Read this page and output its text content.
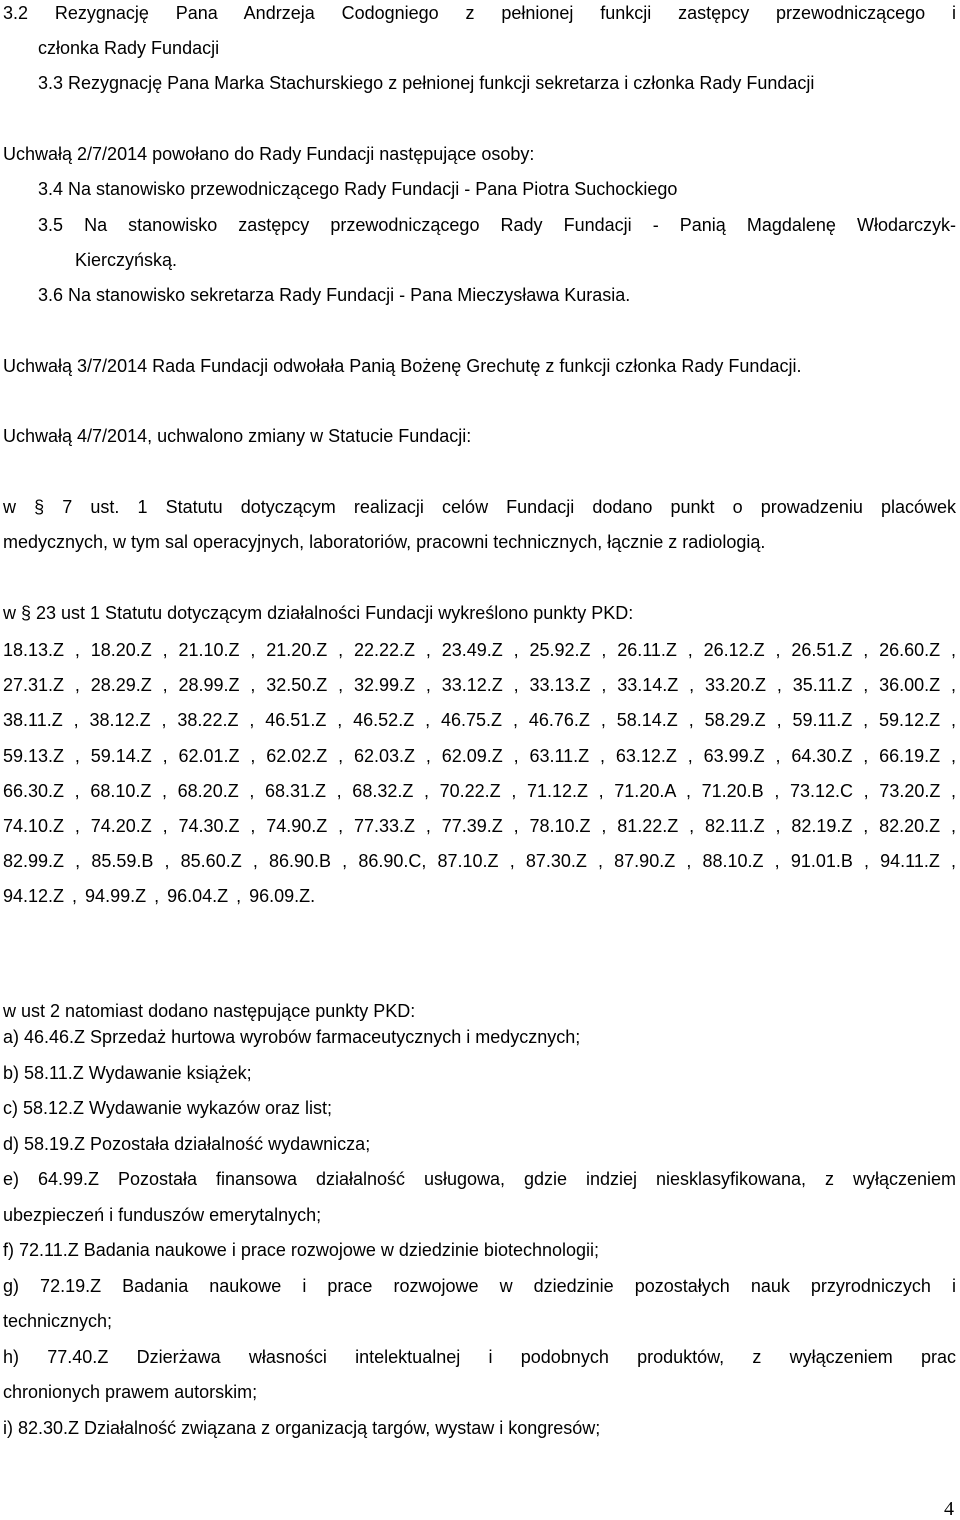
3.2 Rezygnację Pana Andrzeja Codogniego z pełnionej funkcji zastępcy przewodniczącego i
członka Rady Fundacji
3.3 Rezygnację Pana Marka Stachurskiego z pełnionej funkcji sekretarza i członka Rady Fundacji
Uchwałą 2/7/2014 powołano do Rady Fundacji następujące osoby:
3.4 Na stanowisko przewodniczącego Rady Fundacji - Pana Piotra Suchockiego
3.5 Na stanowisko zastępcy przewodniczącego Rady Fundacji - Panią Magdalenę Włodarczyk-
Kierczyńską.
3.6 Na stanowisko sekretarza Rady Fundacji - Pana Mieczysława Kurasia.
Uchwałą 3/7/2014 Rada Fundacji odwołała Panią Bożenę Grechutę z funkcji członka Rady Fundacji.
Uchwałą 4/7/2014, uchwalono zmiany w Statucie Fundacji:
w § 7 ust. 1 Statutu dotyczącym realizacji celów Fundacji dodano punkt o prowadzeniu placówek
medycznych, w tym sal operacyjnych, laboratoriów, pracowni technicznych, łącznie z radiologią.
w § 23 ust 1 Statutu dotyczącym działalności Fundacji wykreślono punkty PKD:
18.13.Z , 18.20.Z , 21.10.Z , 21.20.Z , 22.22.Z , 23.49.Z , 25.92.Z , 26.11.Z , 26.12.Z , 26.51.Z , 26.60.Z , 27.31.Z , 28.29.Z , 28.99.Z , 32.50.Z , 32.99.Z , 33.12.Z , 33.13.Z , 33.14.Z , 33.20.Z , 35.11.Z , 36.00.Z , 38.11.Z , 38.12.Z , 38.22.Z , 46.51.Z , 46.52.Z , 46.75.Z , 46.76.Z , 58.14.Z , 58.29.Z , 59.11.Z , 59.12.Z , 59.13.Z , 59.14.Z , 62.01.Z , 62.02.Z , 62.03.Z , 62.09.Z , 63.11.Z , 63.12.Z , 63.99.Z , 64.30.Z , 66.19.Z , 66.30.Z , 68.10.Z , 68.20.Z , 68.31.Z , 68.32.Z , 70.22.Z , 71.12.Z , 71.20.A , 71.20.B , 73.12.C , 73.20.Z , 74.10.Z , 74.20.Z , 74.30.Z , 74.90.Z , 77.33.Z , 77.39.Z , 78.10.Z , 81.22.Z , 82.11.Z , 82.19.Z , 82.20.Z , 82.99.Z , 85.59.B , 85.60.Z , 86.90.B , 86.90.C, 87.10.Z , 87.30.Z , 87.90.Z , 88.10.Z , 91.01.B , 94.11.Z , 94.12.Z , 94.99.Z , 96.04.Z , 96.09.Z.
w ust 2 natomiast dodano następujące punkty PKD:
a) 46.46.Z Sprzedaż hurtowa wyrobów farmaceutycznych i medycznych;
b) 58.11.Z Wydawanie książek;
c) 58.12.Z Wydawanie wykazów oraz list;
d) 58.19.Z Pozostała działalność wydawnicza;
e) 64.99.Z Pozostała finansowa działalność usługowa, gdzie indziej niesklasyfikowana, z wyłączeniem
ubezpieczeń i funduszów emerytalnych;
f) 72.11.Z Badania naukowe i prace rozwojowe w dziedzinie biotechnologii;
g) 72.19.Z Badania naukowe i prace rozwojowe w dziedzinie pozostałych nauk przyrodniczych i
technicznych;
h) 77.40.Z Dzierżawa własności intelektualnej i podobnych produktów, z wyłączeniem prac
chronionych prawem autorskim;
i) 82.30.Z Działalność związana z organizacją targów, wystaw i kongresów;
4
